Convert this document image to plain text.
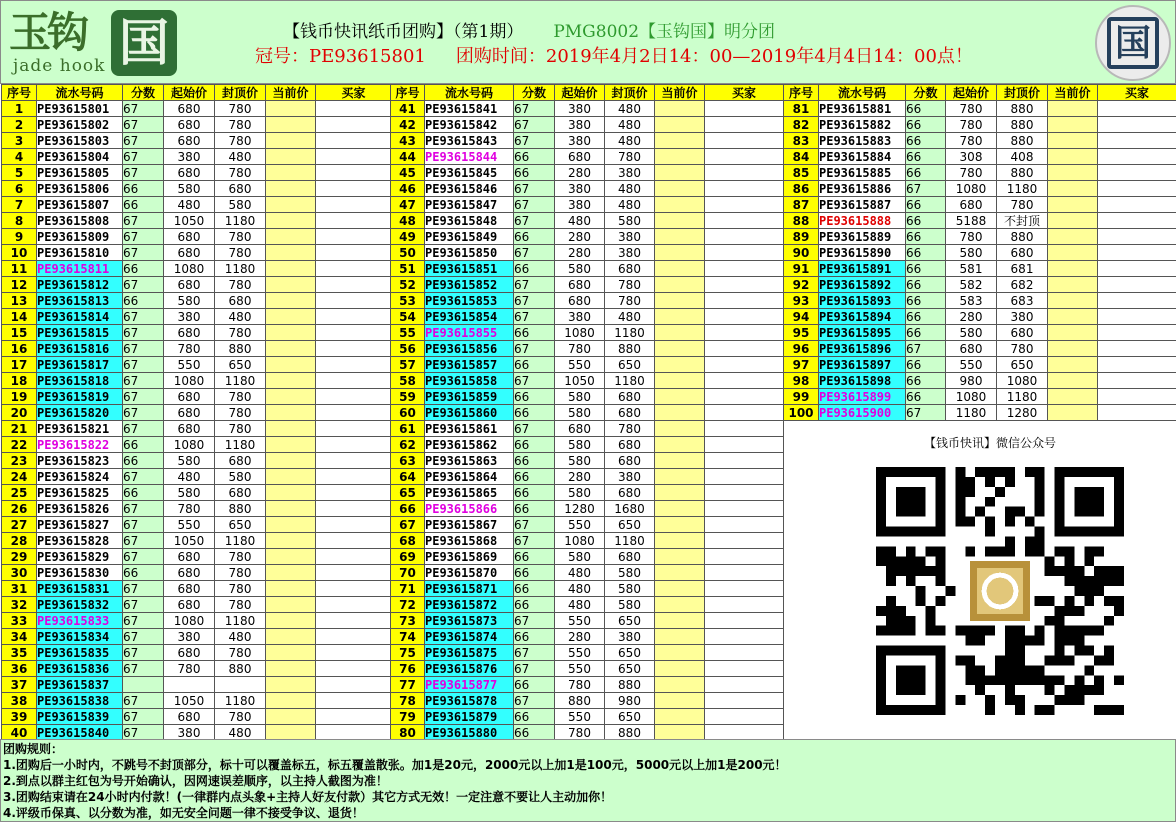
玉钩
jade hook 国	【钱币快讯纸币团购】（第1期） PMG8002【玉钩国】明分团
冠号：PE93615801 团购时间：2019年4月2日14：00—2019年4月4日14：00点！	国
序号	流水号码	分数	起始价	封顶价	当前价	买家
1	PE93615801	67	680	780		
2	PE93615802	67	680	780		
3	PE93615803	67	680	780		
4	PE93615804	67	380	480		
5	PE93615805	67	680	780		
6	PE93615806	66	580	680		
7	PE93615807	66	480	580		
8	PE93615808	67	1050	1180		
9	PE93615809	67	680	780		
10	PE93615810	67	680	780		
11	PE93615811	66	1080	1180		
12	PE93615812	67	680	780		
13	PE93615813	66	580	680		
14	PE93615814	67	380	480		
15	PE93615815	67	680	780		
16	PE93615816	67	780	880		
17	PE93615817	67	550	650		
18	PE93615818	67	1080	1180		
19	PE93615819	67	680	780		
20	PE93615820	67	680	780		
21	PE93615821	67	680	780		
22	PE93615822	66	1080	1180		
23	PE93615823	66	580	680		
24	PE93615824	67	480	580		
25	PE93615825	66	580	680		
26	PE93615826	67	780	880		
27	PE93615827	67	550	650		
28	PE93615828	67	1050	1180		
29	PE93615829	67	680	780		
30	PE93615830	66	680	780		
31	PE93615831	67	680	780		
32	PE93615832	67	680	780		
33	PE93615833	67	1080	1180		
34	PE93615834	67	380	480		
35	PE93615835	67	680	780		
36	PE93615836	67	780	880		
37	PE93615837					
38	PE93615838	67	1050	1180		
39	PE93615839	67	680	780		
40	PE93615840	67	380	480		
序号	流水号码	分数	起始价	封顶价	当前价	买家
41	PE93615841	67	380	480		
42	PE93615842	67	380	480		
43	PE93615843	67	380	480		
44	PE93615844	66	680	780		
45	PE93615845	66	280	380		
46	PE93615846	67	380	480		
47	PE93615847	67	380	480		
48	PE93615848	67	480	580		
49	PE93615849	66	280	380		
50	PE93615850	67	280	380		
51	PE93615851	66	580	680		
52	PE93615852	67	680	780		
53	PE93615853	67	680	780		
54	PE93615854	67	380	480		
55	PE93615855	66	1080	1180		
56	PE93615856	67	780	880		
57	PE93615857	66	550	650		
58	PE93615858	67	1050	1180		
59	PE93615859	66	580	680		
60	PE93615860	66	580	680		
61	PE93615861	67	680	780		
62	PE93615862	66	580	680		
63	PE93615863	66	580	680		
64	PE93615864	66	280	380		
65	PE93615865	66	580	680		
66	PE93615866	66	1280	1680		
67	PE93615867	67	550	650		
68	PE93615868	67	1080	1180		
69	PE93615869	66	580	680		
70	PE93615870	66	480	580		
71	PE93615871	66	480	580		
72	PE93615872	66	480	580		
73	PE93615873	67	550	650		
74	PE93615874	66	280	380		
75	PE93615875	67	550	650		
76	PE93615876	67	550	650		
77	PE93615877	66	780	880		
78	PE93615878	67	880	980		
79	PE93615879	66	550	650		
80	PE93615880	66	780	880		
序号	流水号码	分数	起始价	封顶价	当前价	买家
81	PE93615881	66	780	880		
82	PE93615882	66	780	880		
83	PE93615883	66	780	880		
84	PE93615884	66	308	408		
85	PE93615885	66	780	880		
86	PE93615886	67	1080	1180		
87	PE93615887	66	680	780		
88	PE93615888	66	5188	不封顶		
89	PE93615889	66	780	880		
90	PE93615890	66	580	680		
91	PE93615891	66	581	681		
92	PE93615892	66	582	682		
93	PE93615893	66	583	683		
94	PE93615894	66	280	380		
95	PE93615895	66	580	680		
96	PE93615896	67	680	780		
97	PE93615897	66	550	650		
98	PE93615898	66	980	1080		
99	PE93615899	66	1080	1180		
100	PE93615900	67	1180	1280		
【钱币快讯】微信公众号

团购规则：

1.团购后一小时内，不跳号不封顶部分，标十可以覆盖标五，标五覆盖散张。加1是20元，2000元以上加1是100元，5000元以上加1是200元！

2.到点以群主红包为号开始确认，因网速误差顺序，以主持人截图为准！

3.团购结束请在24小时内付款！(一律群内点头象+主持人好友付款）其它方式无效！一定注意不要让人主动加你！

4.评级币保真、以分数为准，如无安全问题一律不接受争议、退货！
